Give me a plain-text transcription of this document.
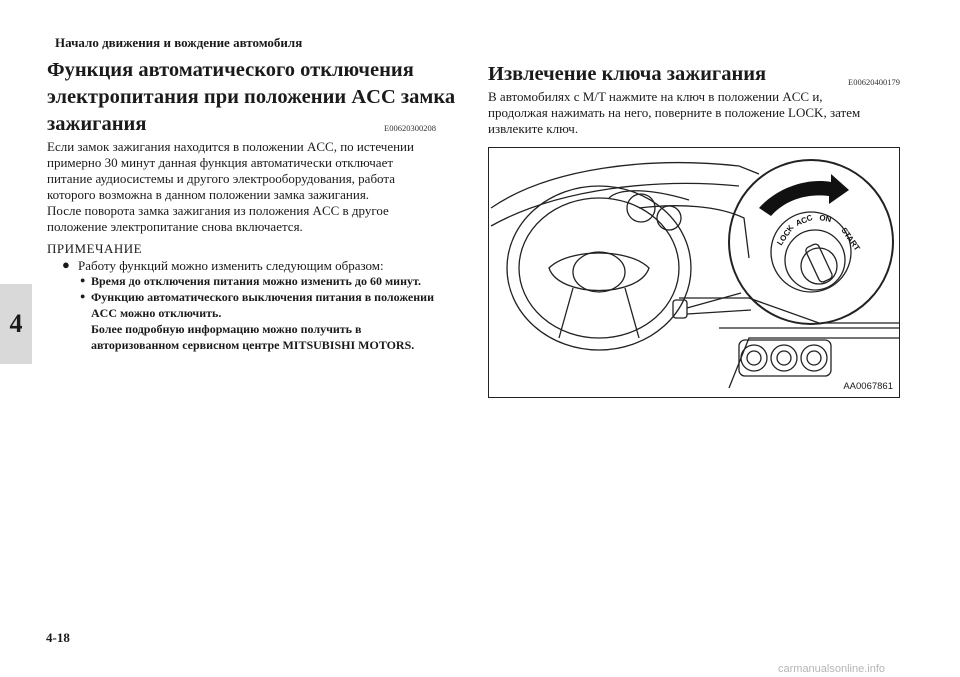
Начало движения и вождение автомобиля
4
Функция автоматического отключения
электропитания при положении ACC замка
зажигания	E00620300208
Если замок зажигания находится в положении ACC, по истечении
примерно 30 минут данная функция автоматически отключает
питание аудиосистемы и другого электрооборудования, работа
которого возможна в данном положении замка зажигания.
После поворота замка зажигания из положения ACC в другое
положение электропитание снова включается.
ПРИМЕЧАНИЕ
● Работу функций можно изменить следующим образом:
● Время до отключения питания можно изменить до 60 минут.
● Функцию автоматического выключения питания в положении
ACC можно отключить.
Более подробную информацию можно получить в
авторизованном сервисном центре MITSUBISHI MOTORS.
Извлечение ключа зажигания	E00620400179
В автомобилях с M/T нажмите на ключ в положении ACC и,
продолжая нажимать на него, поверните в положение LOCK, затем
извлеките ключ.
LOCK
ACC ON
START
AA0067861
4-18
carmanualsonline.info
